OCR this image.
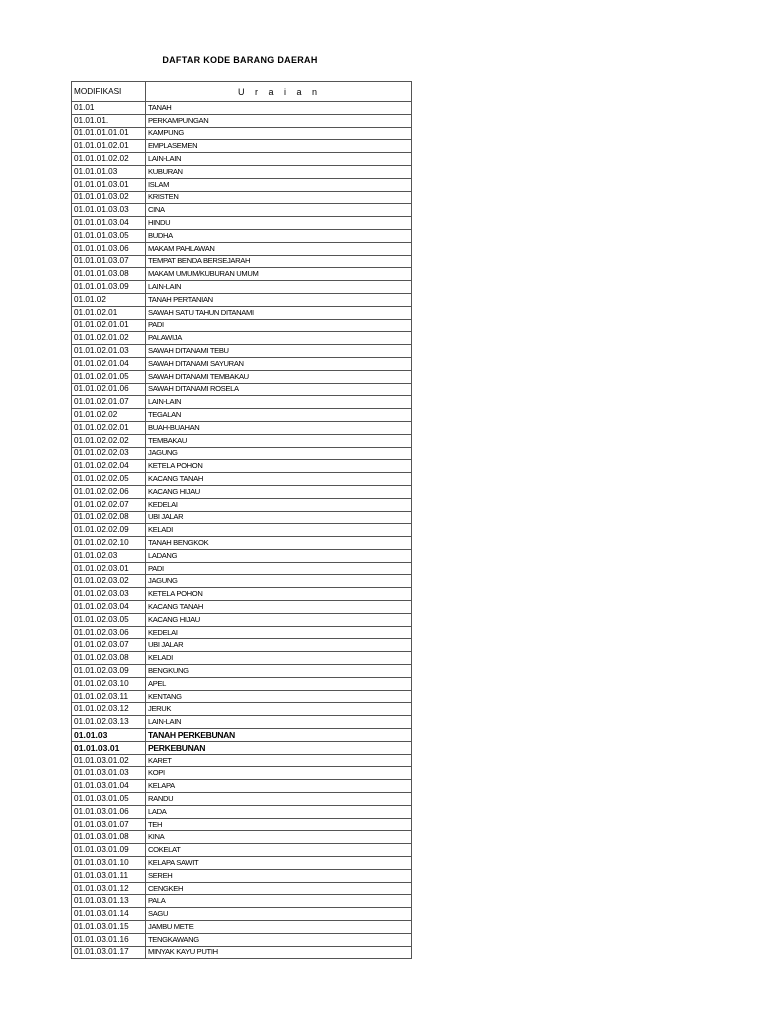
DAFTAR KODE BARANG DAERAH
MODIFIKASI	U r a i a n
01.01	TANAH
01.01.01.	PERKAMPUNGAN
01.01.01.01.01	KAMPUNG
01.01.01.02.01	EMPLASEMEN
01.01.01.02.02	LAIN-LAIN
01.01.01.03	KUBURAN
01.01.01.03.01	ISLAM
01.01.01.03.02	KRISTEN
01.01.01.03.03	CINA
01.01.01.03.04	HINDU
01.01.01.03.05	BUDHA
01.01.01.03.06	MAKAM PAHLAWAN
01.01.01.03.07	TEMPAT BENDA BERSEJARAH
01.01.01.03.08	MAKAM UMUM/KUBURAN UMUM
01.01.01.03.09	LAIN-LAIN
01.01.02	TANAH PERTANIAN
01.01.02.01	SAWAH SATU TAHUN DITANAMI
01.01.02.01.01	PADI
01.01.02.01.02	PALAWIJA
01.01.02.01.03	SAWAH DITANAMI TEBU
01.01.02.01.04	SAWAH DITANAMI SAYURAN
01.01.02.01.05	SAWAH DITANAMI TEMBAKAU
01.01.02.01.06	SAWAH DITANAMI ROSELA
01.01.02.01.07	LAIN-LAIN
01.01.02.02	TEGALAN
01.01.02.02.01	BUAH-BUAHAN
01.01.02.02.02	TEMBAKAU
01.01.02.02.03	JAGUNG
01.01.02.02.04	KETELA POHON
01.01.02.02.05	KACANG TANAH
01.01.02.02.06	KACANG HIJAU
01.01.02.02.07	KEDELAI
01.01.02.02.08	UBI JALAR
01.01.02.02.09	KELADI
01.01.02.02.10	TANAH BENGKOK
01.01.02.03	LADANG
01.01.02.03.01	PADI
01.01.02.03.02	JAGUNG
01.01.02.03.03	KETELA POHON
01.01.02.03.04	KACANG TANAH
01.01.02.03.05	KACANG HIJAU
01.01.02.03.06	KEDELAI
01.01.02.03.07	UBI JALAR
01.01.02.03.08	KELADI
01.01.02.03.09	BENGKUNG
01.01.02.03.10	APEL
01.01.02.03.11	KENTANG
01.01.02.03.12	JERUK
01.01.02.03.13	LAIN-LAIN
01.01.03	TANAH PERKEBUNAN
01.01.03.01	PERKEBUNAN
01.01.03.01.02	KARET
01.01.03.01.03	KOPI
01.01.03.01.04	KELAPA
01.01.03.01.05	RANDU
01.01.03.01.06	LADA
01.01.03.01.07	TEH
01.01.03.01.08	KINA
01.01.03.01.09	COKELAT
01.01.03.01.10	KELAPA SAWIT
01.01.03.01.11	SEREH
01.01.03.01.12	CENGKEH
01.01.03.01.13	PALA
01.01.03.01.14	SAGU
01.01.03.01.15	JAMBU METE
01.01.03.01.16	TENGKAWANG
01.01.03.01.17	MINYAK KAYU PUTIH
